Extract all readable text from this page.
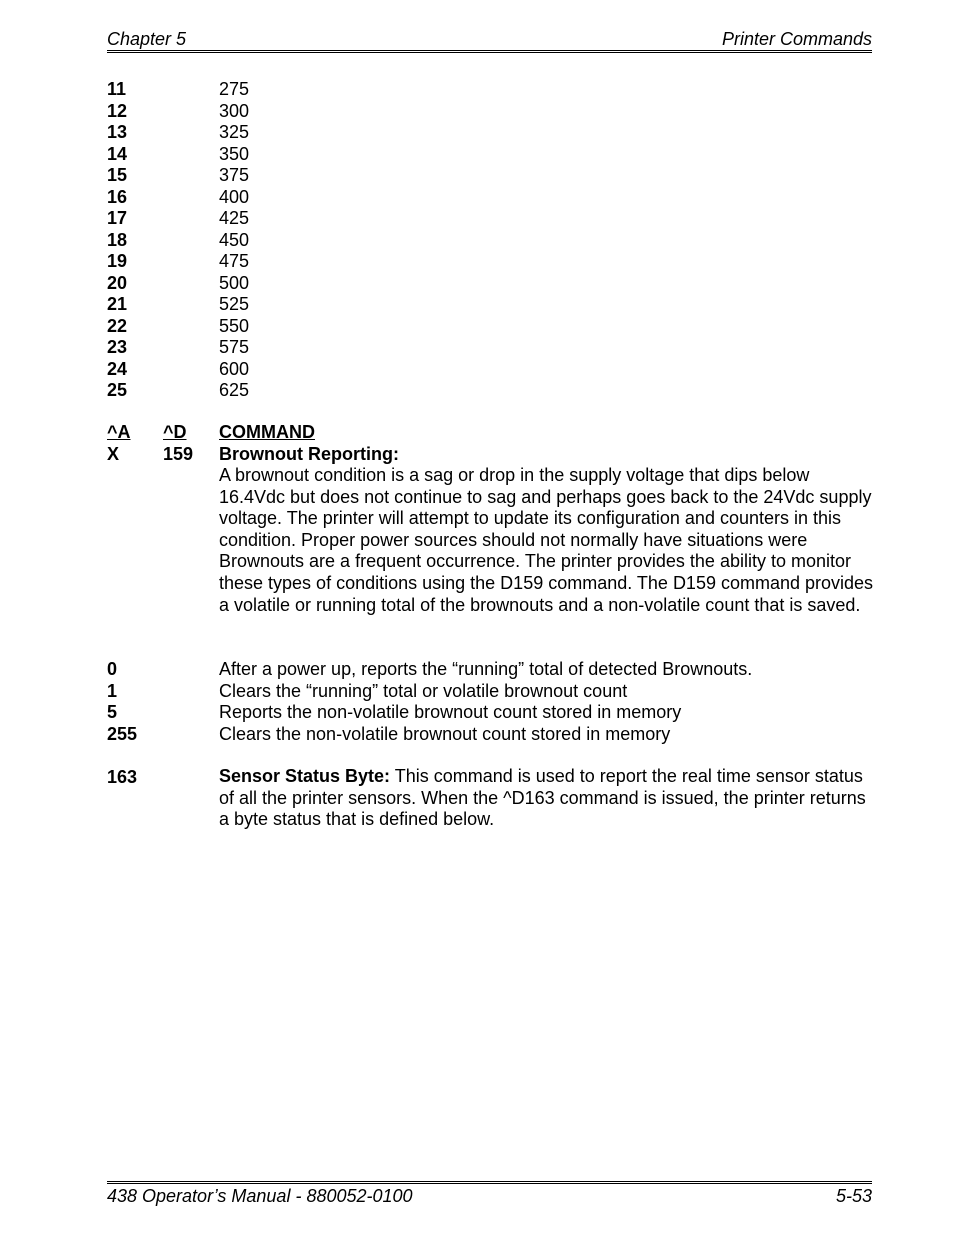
Chapter 5	Printer Commands
11	275
12	300
13	325
14	350
15	375
16	400
17	425
18	450
19	475
20	500
21	525
22	550
23	575
24	600
25	625
^A ^D COMMAND
X 159 Brownout Reporting:
A brownout condition is a sag or drop in the supply voltage that dips below 16.4Vdc but does not continue to sag and perhaps goes back to the 24Vdc supply voltage. The printer will attempt to update its configuration and counters in this condition. Proper power sources should not normally have situations were Brownouts are a frequent occurrence. The printer provides the ability to monitor these types of conditions using the D159 command. The D159 command provides a volatile or running total of the brownouts and a non-volatile count that is saved.
0	After a power up, reports the “running” total of detected Brownouts.
1	Clears the “running” total or volatile brownout count
5	Reports the non-volatile brownout count stored in memory
255	Clears the non-volatile brownout count stored in memory
163	Sensor Status Byte: This command is used to report the real time sensor status of all the printer sensors. When the ^D163 command is issued, the printer returns a byte status that is defined below.
438 Operator’s Manual - 880052-0100	5-53
